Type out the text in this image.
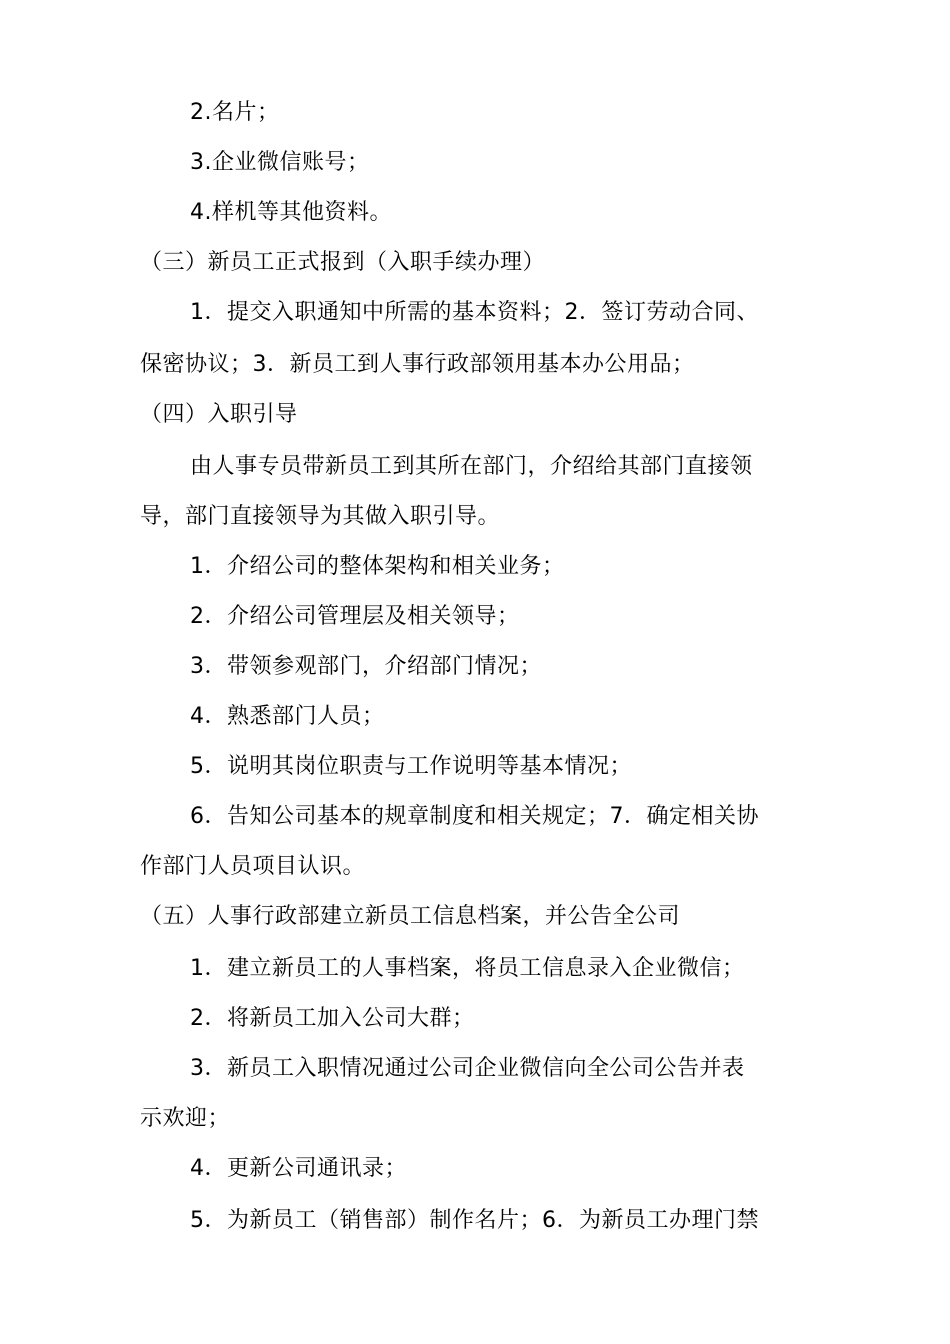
2.名片；
3.企业微信账号；
4.样机等其他资料。
（三）新员工正式报到（入职手续办理）
1．提交入职通知中所需的基本资料；2．签订劳动合同、
保密协议；3．新员工到人事行政部领用基本办公用品；
（四）入职引导
由人事专员带新员工到其所在部门，介绍给其部门直接领
导，部门直接领导为其做入职引导。
1．介绍公司的整体架构和相关业务；
2．介绍公司管理层及相关领导；
3．带领参观部门，介绍部门情况；
4．熟悉部门人员；
5．说明其岗位职责与工作说明等基本情况；
6．告知公司基本的规章制度和相关规定；7．确定相关协
作部门人员项目认识。
（五）人事行政部建立新员工信息档案，并公告全公司
1．建立新员工的人事档案，将员工信息录入企业微信；
2．将新员工加入公司大群；
3．新员工入职情况通过公司企业微信向全公司公告并表
示欢迎；
4．更新公司通讯录；
5．为新员工（销售部）制作名片；6．为新员工办理门禁
